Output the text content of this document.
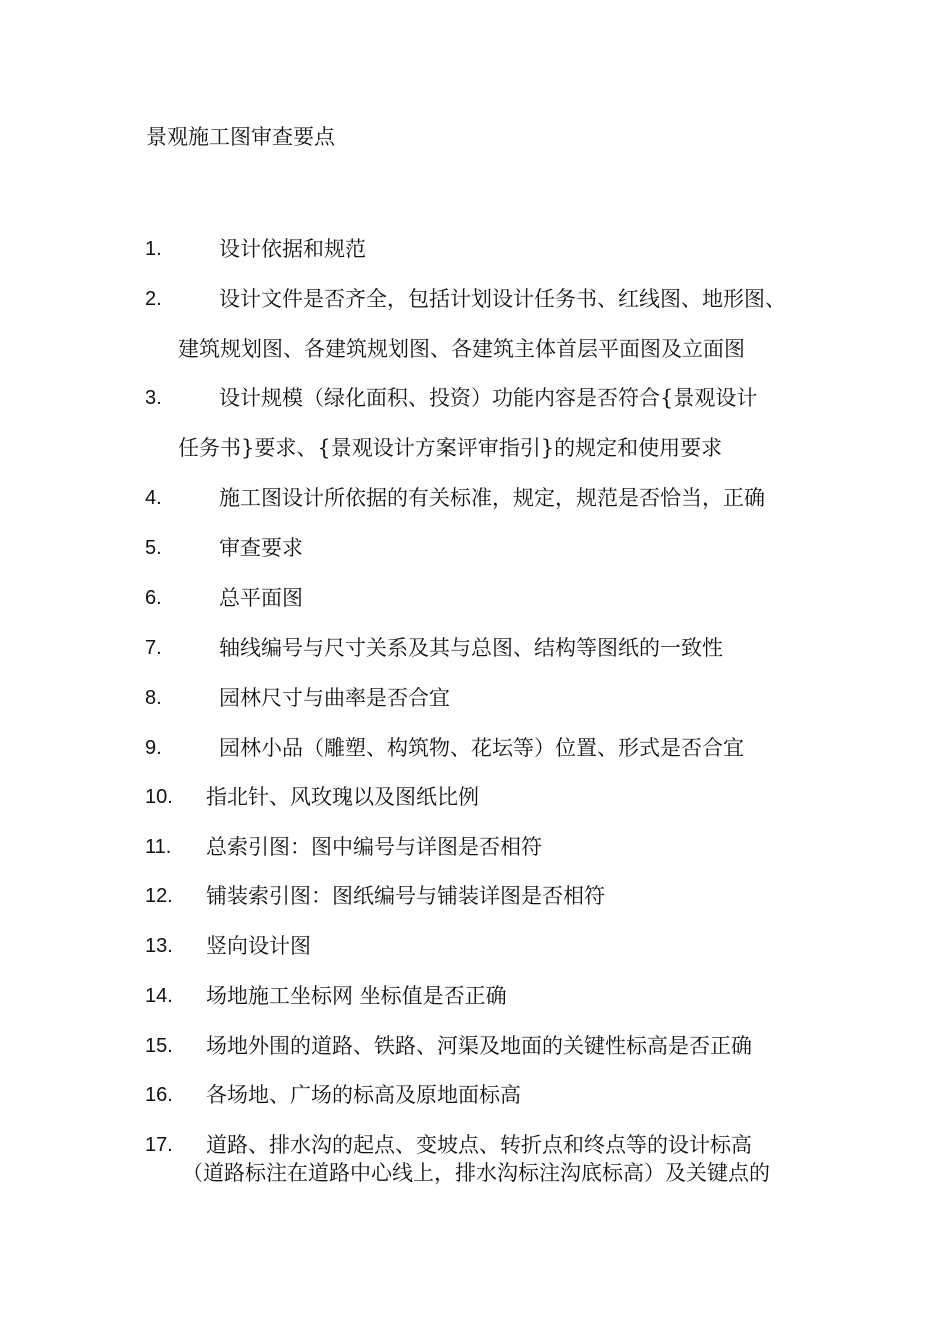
景观施工图审查要点
1.	设计依据和规范
2.	设计文件是否齐全，包括计划设计任务书、红线图、地形图、
建筑规划图、各建筑规划图、各建筑主体首层平面图及立面图
3.	设计规模（绿化面积、投资）功能内容是否符合{景观设计
任务书}要求、{景观设计方案评审指引}的规定和使用要求
4.	施工图设计所依据的有关标准，规定，规范是否恰当，正确
5.	审查要求
6.	总平面图
7.	轴线编号与尺寸关系及其与总图、结构等图纸的一致性
8.	园林尺寸与曲率是否合宜
9.	园林小品（雕塑、构筑物、花坛等）位置、形式是否合宜
10. 指北针、风玫瑰以及图纸比例
11. 总索引图：图中编号与详图是否相符
12. 铺装索引图：图纸编号与铺装详图是否相符
13. 竖向设计图
14. 场地施工坐标网 坐标值是否正确
15. 场地外围的道路、铁路、河渠及地面的关键性标高是否正确
16. 各场地、广场的标高及原地面标高
17. 道路、排水沟的起点、变坡点、转折点和终点等的设计标高
（道路标注在道路中心线上，排水沟标注沟底标高）及关键点的
